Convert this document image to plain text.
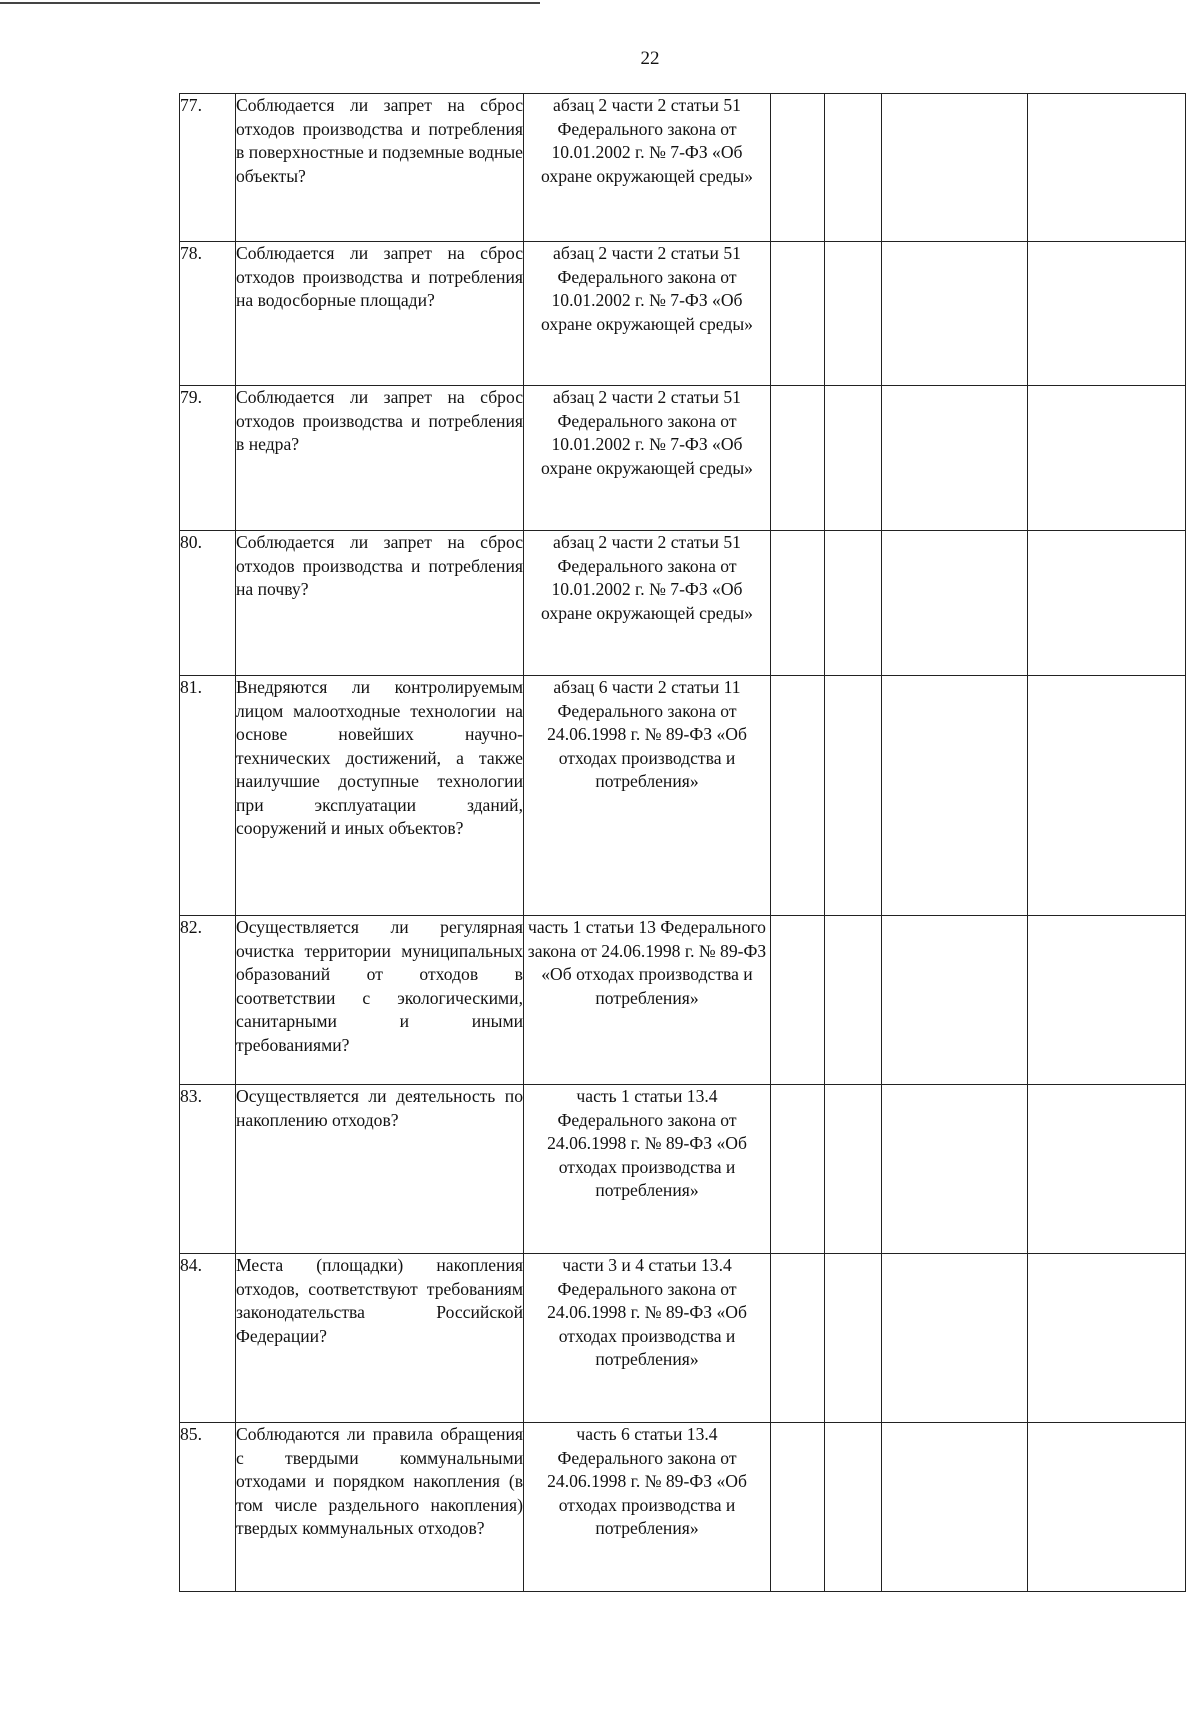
22
77.	Соблюдается ли запрет на сброс отходов производства и потребления в поверхностные и подземные водные объекты?	абзац 2 части 2 статьи 51 Федерального закона от 10.01.2002 г. № 7-ФЗ «Об охране окружающей среды»				
78.	Соблюдается ли запрет на сброс отходов производства и потребления на водосборные площади?	абзац 2 части 2 статьи 51 Федерального закона от 10.01.2002 г. № 7-ФЗ «Об охране окружающей среды»				
79.	Соблюдается ли запрет на сброс отходов производства и потребления в недра?	абзац 2 части 2 статьи 51 Федерального закона от 10.01.2002 г. № 7-ФЗ «Об охране окружающей среды»				
80.	Соблюдается ли запрет на сброс отходов производства и потребления на почву?	абзац 2 части 2 статьи 51 Федерального закона от 10.01.2002 г. № 7-ФЗ «Об охране окружающей среды»				
81.	Внедряются ли контролируемым лицом малоотходные технологии на основе новейших научно-технических достижений, а также наилучшие доступные технологии при эксплуатации зданий, сооружений и иных объектов?	абзац 6 части 2 статьи 11 Федерального закона от 24.06.1998 г. № 89-ФЗ «Об отходах производства и потребления»				
82.	Осуществляется ли регулярная очистка территории муниципальных образований от отходов в соответствии с экологическими, санитарными и иными требованиями?	часть 1 статьи 13 Федерального закона от 24.06.1998 г. № 89-ФЗ «Об отходах производства и потребления»				
83.	Осуществляется ли деятельность по накоплению отходов?	часть 1 статьи 13.4 Федерального закона от 24.06.1998 г. № 89-ФЗ «Об отходах производства и потребления»				
84.	Места (площадки) накопления отходов, соответствуют требованиям законодательства Российской Федерации?	части 3 и 4 статьи 13.4 Федерального закона от 24.06.1998 г. № 89-ФЗ «Об отходах производства и потребления»				
85.	Соблюдаются ли правила обращения с твердыми коммунальными отходами и порядком накопления (в том числе раздельного накопления) твердых коммунальных отходов?	часть 6 статьи 13.4 Федерального закона от 24.06.1998 г. № 89-ФЗ «Об отходах производства и потребления»				
